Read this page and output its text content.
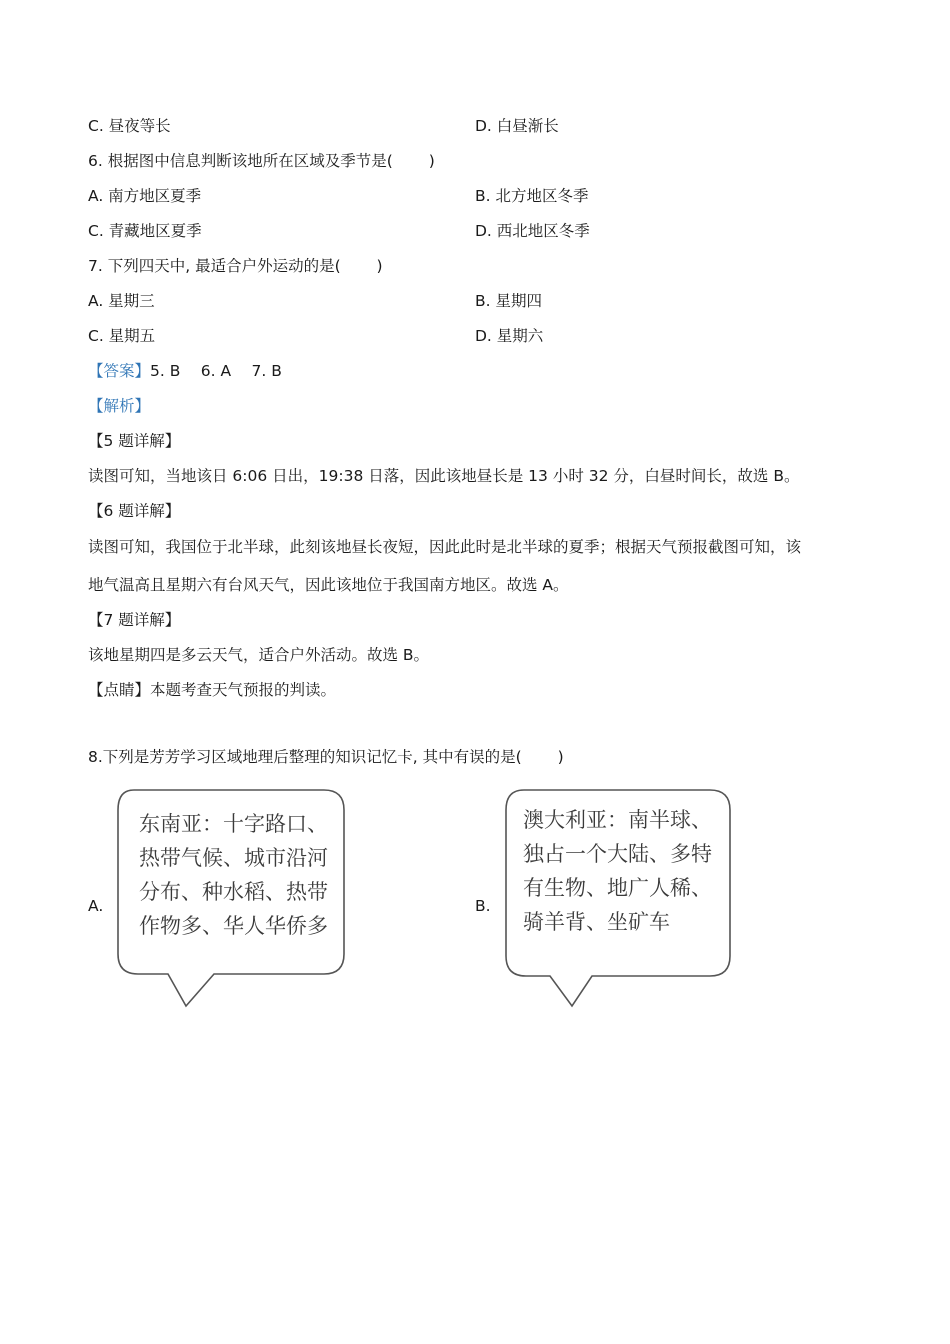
C. 昼夜等长	D. 白昼渐长
6. 根据图中信息判断该地所在区域及季节是(　　 )
A. 南方地区夏季	B. 北方地区冬季
C. 青藏地区夏季	D. 西北地区冬季
7. 下列四天中, 最适合户外运动的是(　　 )
A. 星期三	B. 星期四
C. 星期五	D. 星期六
【答案】5. B　 6. A　 7. B
【解析】
【5 题详解】
读图可知，当地该日 6:06 日出，19:38 日落，因此该地昼长是 13 小时 32 分，白昼时间长，故选 B。
【6 题详解】
读图可知，我国位于北半球，此刻该地昼长夜短，因此此时是北半球的夏季；根据天气预报截图可知，该
地气温高且星期六有台风天气，因此该地位于我国南方地区。故选 A。
【7 题详解】
该地星期四是多云天气，适合户外活动。故选 B。
【点睛】本题考查天气预报的判读。
8.下列是芳芳学习区域地理后整理的知识记忆卡, 其中有误的是(　　 )
A.
东南亚：十字路口、
热带气候、城市沿河
分布、种水稻、热带
作物多、华人华侨多
B.
澳大利亚：南半球、
独占一个大陆、多特
有生物、地广人稀、
骑羊背、坐矿车
